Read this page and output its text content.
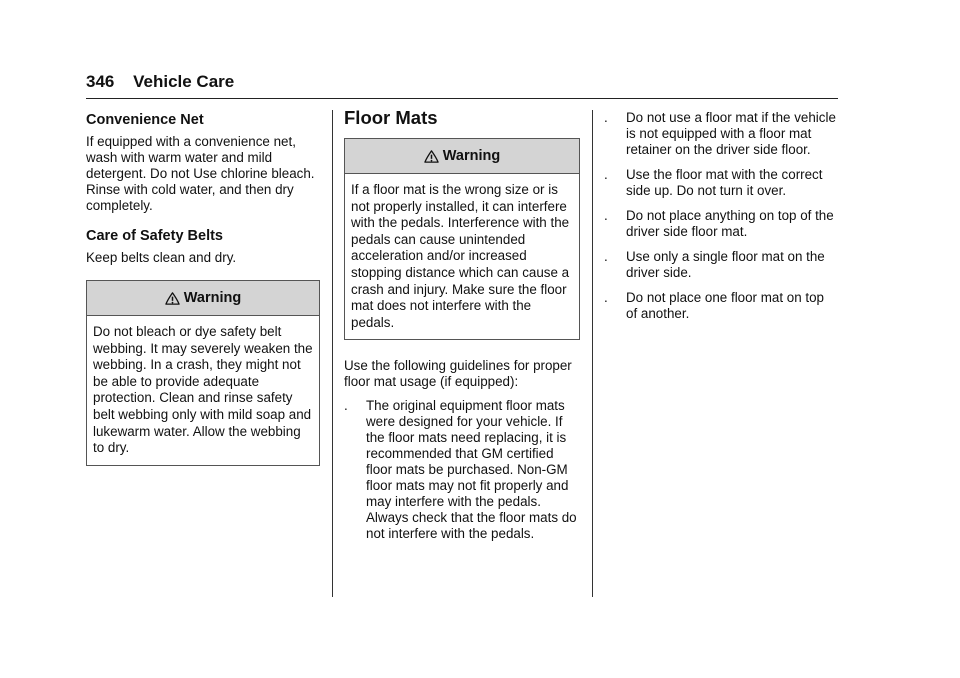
346 Vehicle Care
Convenience Net

If equipped with a convenience net, wash with warm water and mild detergent. Do not Use chlorine bleach. Rinse with cold water, and then dry completely.

Care of Safety Belts

Keep belts clean and dry.

Warning
Do not bleach or dye safety belt webbing. It may severely weaken the webbing. In a crash, they might not be able to provide adequate protection. Clean and rinse safety belt webbing only with mild soap and lukewarm water. Allow the webbing to dry.
Floor Mats
Warning
If a floor mat is the wrong size or is not properly installed, it can interfere with the pedals. Interference with the pedals can cause unintended acceleration and/or increased stopping distance which can cause a crash and injury. Make sure the floor mat does not interfere with the pedals.

Use the following guidelines for proper floor mat usage (if equipped):

. The original equipment floor mats were designed for your vehicle. If the floor mats need replacing, it is recommended that GM certified floor mats be purchased. Non-GM floor mats may not fit properly and may interfere with the pedals. Always check that the floor mats do not interfere with the pedals.
. Do not use a floor mat if the vehicle is not equipped with a floor mat retainer on the driver side floor.
. Use the floor mat with the correct side up. Do not turn it over.
. Do not place anything on top of the driver side floor mat.
. Use only a single floor mat on the driver side.
. Do not place one floor mat on top of another.
